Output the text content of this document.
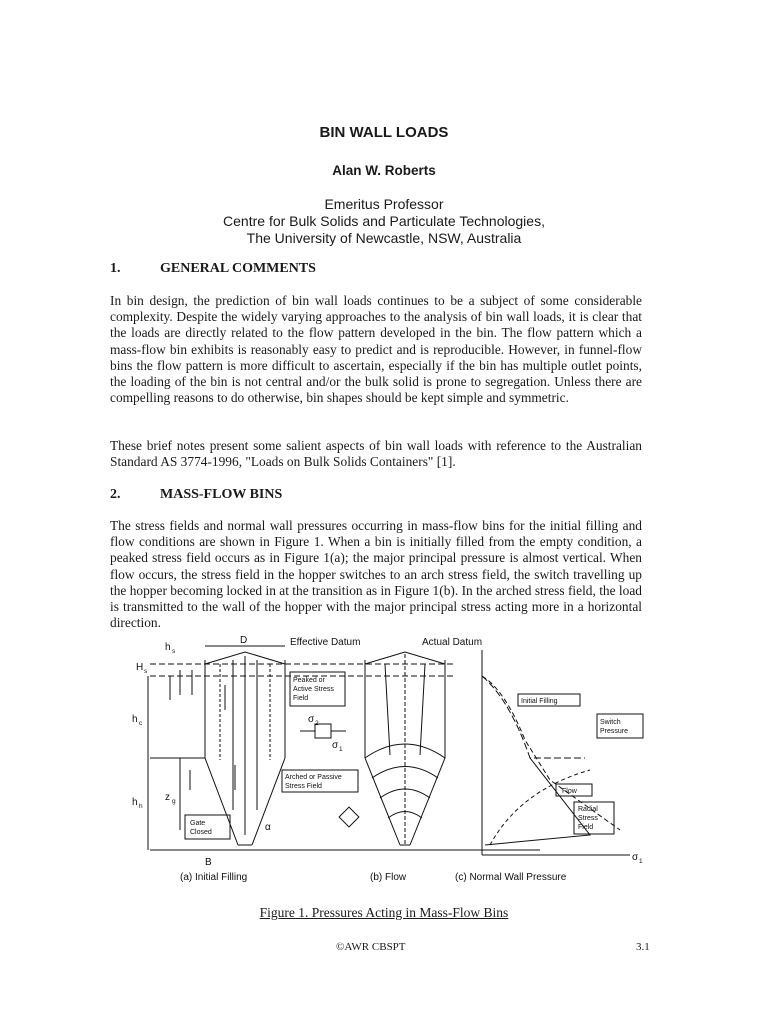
BIN WALL LOADS
Alan W. Roberts
Emeritus Professor
Centre for Bulk Solids and Particulate Technologies,
The University of Newcastle, NSW, Australia
1.	GENERAL COMMENTS
In bin design, the prediction of bin wall loads continues to be a subject of some considerable complexity. Despite the widely varying approaches to the analysis of bin wall loads, it is clear that the loads are directly related to the flow pattern developed in the bin. The flow pattern which a mass-flow bin exhibits is reasonably easy to predict and is reproducible. However, in funnel-flow bins the flow pattern is more difficult to ascertain, especially if the bin has multiple outlet points, the loading of the bin is not central and/or the bulk solid is prone to segregation. Unless there are compelling reasons to do otherwise, bin shapes should be kept simple and symmetric.
These brief notes present some salient aspects of bin wall loads with reference to the Australian Standard AS 3774-1996, "Loads on Bulk Solids Containers" [1].
2.	MASS-FLOW BINS
The stress fields and normal wall pressures occurring in mass-flow bins for the initial filling and flow conditions are shown in Figure 1. When a bin is initially filled from the empty condition, a peaked stress field occurs as in Figure 1(a); the major principal pressure is almost vertical. When flow occurs, the stress field in the hopper switches to an arch stress field, the switch travelling up the hopper becoming locked in at the transition as in Figure 1(b). In the arched stress field, the load is transmitted to the wall of the hopper with the major principal stress acting more in a horizontal direction.
D	Effective Datum	Actual Datum
h s
H s
h c
h h
z g
α
B
Peaked or
Active Stress
Field
Arched or Passive
Stress Field
Gate
Closed
Initial Filling
Switch
Pressure
Flow
Radial
Stress
Field
σ 2
σ 1
σ 1
(a) Initial Filling	(b) Flow	(c) Normal Wall Pressure
Figure 1. Pressures Acting in Mass-Flow Bins
©AWR CBSPT	3.1
